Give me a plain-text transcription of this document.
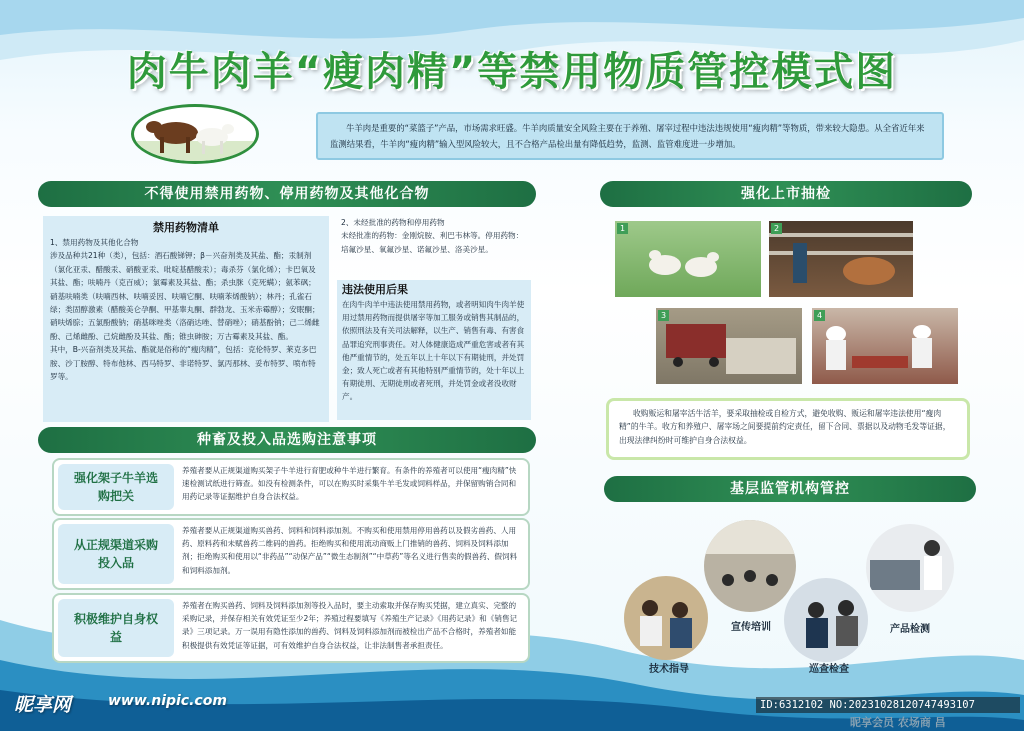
肉牛肉羊“瘦肉精”等禁用物质管控模式图
牛羊肉是重要的“菜篮子”产品，市场需求旺盛。牛羊肉质量安全风险主要在于养殖、屠宰过程中违法违规使用“瘦肉精”等物质，带来较大隐患。从全省近年来监测结果看，牛羊肉“瘦肉精”输入型风险较大，且不合格产品检出量有降低趋势，监测、监管难度进一步增加。
不得使用禁用药物、停用药物及其他化合物
禁用药物清单
1、禁用药物及其他化合物
涉及品种共21种（类），包括：酒石酸锑钾；β－兴奋剂类及其盐、酯；汞制剂（氯化亚汞、醋酸汞、硝酸亚汞、吡啶基醋酸汞）；毒杀芬（氯化烯）；卡巴氧及其盐、酯；呋喃丹（克百威）；氯霉素及其盐、酯；杀虫脒（克死螨）；氨苯砜；硝基呋喃类（呋喃西林、呋喃妥因、呋喃它酮、呋喃苯烯酸钠）；林丹；孔雀石绿；类固醇激素（醋酸美仑孕酮、甲基睾丸酮、群勃龙、玉米赤霉醇）；安眠酮；硝呋烯腙；五氯酚酸钠；硝基咪唑类（洛硝达唑、替硝唑）；硝基酚钠；己二烯雌酚、己烯雌酚、己烷雌酚及其盐、酯；锥虫砷胺；万古霉素及其盐、酯。
其中，B-兴奋剂类及其盐、酯就是俗称的“瘦肉精”，包括：克伦特罗、莱克多巴胺、沙丁胺醇、特布他林、西马特罗、非诺特罗、氯丙那林、妥布特罗、喷布特罗等。
2、未经批准的药物和停用药物
未经批准的药物：金刚烷胺、利巴韦林等。停用药物：培氟沙星、氧氟沙星、诺氟沙星、洛美沙星。
违法使用后果
在肉牛肉羊中违法使用禁用药物，或者明知肉牛肉羊使用过禁用药物而提供屠宰等加工服务或销售其制品的，依照刑法及有关司法解释，以生产、销售有毒、有害食品罪追究刑事责任。对人体健康造成严重危害或者有其他严重情节的，处五年以上十年以下有期徒刑，并处罚金；致人死亡或者有其他特别严重情节的，处十年以上有期徒刑、无期徒刑或者死刑，并处罚金或者没收财产。
种畜及投入品选购注意事项
强化架子牛羊选购把关
养殖者要从正规渠道购买架子牛羊进行育肥或种牛羊进行繁育。有条件的养殖者可以使用“瘦肉精”快速检测试纸进行筛查。如没有检测条件，可以在购买时采集牛羊毛发或饲料样品，并保留购销合同和用药记录等证据维护自身合法权益。
从正规渠道采购投入品
养殖者要从正规渠道购买兽药、饲料和饲料添加剂。不购买和使用禁用停用兽药以及假劣兽药、人用药、原料药和未赋兽药二维码的兽药。拒绝购买和使用流动商贩上门推销的兽药、饲料及饲料添加剂；拒绝购买和使用以“非药品”“动保产品”“微生态制剂”“中草药”等名义进行售卖的假兽药、假饲料和饲料添加剂。
积极维护自身权益
养殖者在购买兽药、饲料及饲料添加剂等投入品时，要主动索取并保存购买凭据，建立真实、完整的采购记录，并保存相关有效凭证至少2年；养殖过程要填写《养殖生产记录》《用药记录》和《销售记录》三项记录。万一误用有隐性添加的兽药、饲料及饲料添加剂而被检出产品不合格时，养殖者如能积极提供有效凭证等证据，可有效维护自身合法权益，让非法制售者承担责任。
强化上市抽检
1	2
3	4
收购贩运和屠宰活牛活羊，要采取抽检或自检方式，避免收购、贩运和屠宰违法使用“瘦肉精”的牛羊。收方和养殖户、屠宰场之间要提前约定责任，留下合同、票据以及动物毛发等证据，出现法律纠纷时可维护自身合法权益。
基层监管机构管控
宣传培训	产品检测
技术指导	巡查检查
昵享网	www.nipic.com	ID:6312102 NO:20231028120747493107
昵享会员 农场商 昌
